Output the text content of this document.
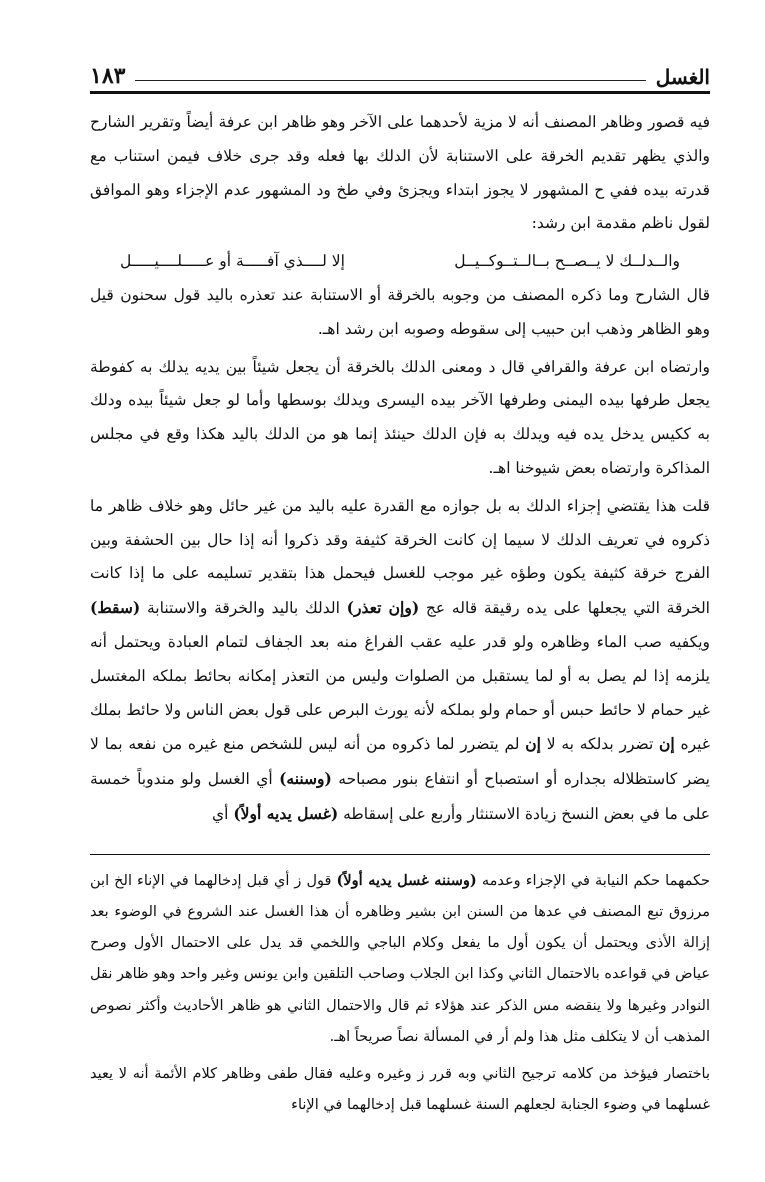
الغسل
١٨٣

فيه قصور وظاهر المصنف أنه لا مزية لأحدهما على الآخر وهو ظاهر ابن عرفة أيضاً وتقرير الشارح والذي يظهر تقديم الخرقة على الاستنابة لأن الدلك بها فعله وقد جرى خلاف فيمن استناب مع قدرته بيده ففي ح المشهور لا يجوز ابتداء ويجزئ وفي طخ ود المشهور عدم الإجزاء وهو الموافق لقول ناظم مقدمة ابن رشد:

والــدلــك لا يــصــح بــالــتــوكــيــل
إلا لــــذي آفـــــة أو عـــــلــــيـــــل

قال الشارح وما ذكره المصنف من وجوبه بالخرقة أو الاستنابة عند تعذره باليد قول سحنون قيل وهو الظاهر وذهب ابن حبيب إلى سقوطه وصوبه ابن رشد اهـ.

وارتضاه ابن عرفة والقرافي قال د ومعنى الدلك بالخرقة أن يجعل شيئاً بين يديه يدلك به كفوطة يجعل طرفها بيده اليمنى وطرفها الآخر بيده اليسرى ويدلك بوسطها وأما لو جعل شيئاً بيده ودلك به ككيس يدخل يده فيه ويدلك به فإن الدلك حينئذ إنما هو من الدلك باليد هكذا وقع في مجلس المذاكرة وارتضاه بعض شيوخنا اهـ.

قلت هذا يقتضي إجزاء الدلك به بل جوازه مع القدرة عليه باليد من غير حائل وهو خلاف ظاهر ما ذكروه في تعريف الدلك لا سيما إن كانت الخرقة كثيفة وقد ذكروا أنه إذا حال بين الحشفة وبين الفرج خرقة كثيفة يكون وطؤه غير موجب للغسل فيحمل هذا بتقدير تسليمه على ما إذا كانت الخرقة التي يجعلها على يده رقيقة قاله عج (وإن تعذر) الدلك باليد والخرقة والاستنابة (سقط) ويكفيه صب الماء وظاهره ولو قدر عليه عقب الفراغ منه بعد الجفاف لتمام العبادة ويحتمل أنه يلزمه إذا لم يصل به أو لما يستقبل من الصلوات وليس من التعذر إمكانه بحائط بملكه المغتسل غير حمام لا حائط حبس أو حمام ولو بملكه لأنه يورث البرص على قول بعض الناس ولا حائط بملك غيره إن تضرر بدلكه به لا إن لم يتضرر لما ذكروه من أنه ليس للشخص منع غيره من نفعه بما لا يضر كاستظلاله بجداره أو استصباح أو انتفاع بنور مصباحه (وسننه) أي الغسل ولو مندوباً خمسة على ما في بعض النسخ زيادة الاستنثار وأربع على إسقاطه (غسل يديه أولاً) أي

حكمهما حكم النيابة في الإجزاء وعدمه (وسننه غسل يديه أولاً) قول ز أي قبل إدخالهما في الإناء الخ ابن مرزوق تبع المصنف في عدها من السنن ابن بشير وظاهره أن هذا الغسل عند الشروع في الوضوء بعد إزالة الأذى ويحتمل أن يكون أول ما يفعل وكلام الباجي واللخمي قد يدل على الاحتمال الأول وصرح عياض في قواعده بالاحتمال الثاني وكذا ابن الجلاب وصاحب التلقين وابن يونس وغير واحد وهو ظاهر نقل النوادر وغيرها ولا ينقضه مس الذكر عند هؤلاء ثم قال والاحتمال الثاني هو ظاهر الأحاديث وأكثر نصوص المذهب أن لا يتكلف مثل هذا ولم أر في المسألة نصاً صريحاً اهـ.

باختصار فيؤخذ من كلامه ترجيح الثاني وبه قرر ز وغيره وعليه فقال طفى وظاهر كلام الأئمة أنه لا يعيد غسلهما في وضوء الجنابة لجعلهم السنة غسلهما قبل إدخالهما في الإناء
